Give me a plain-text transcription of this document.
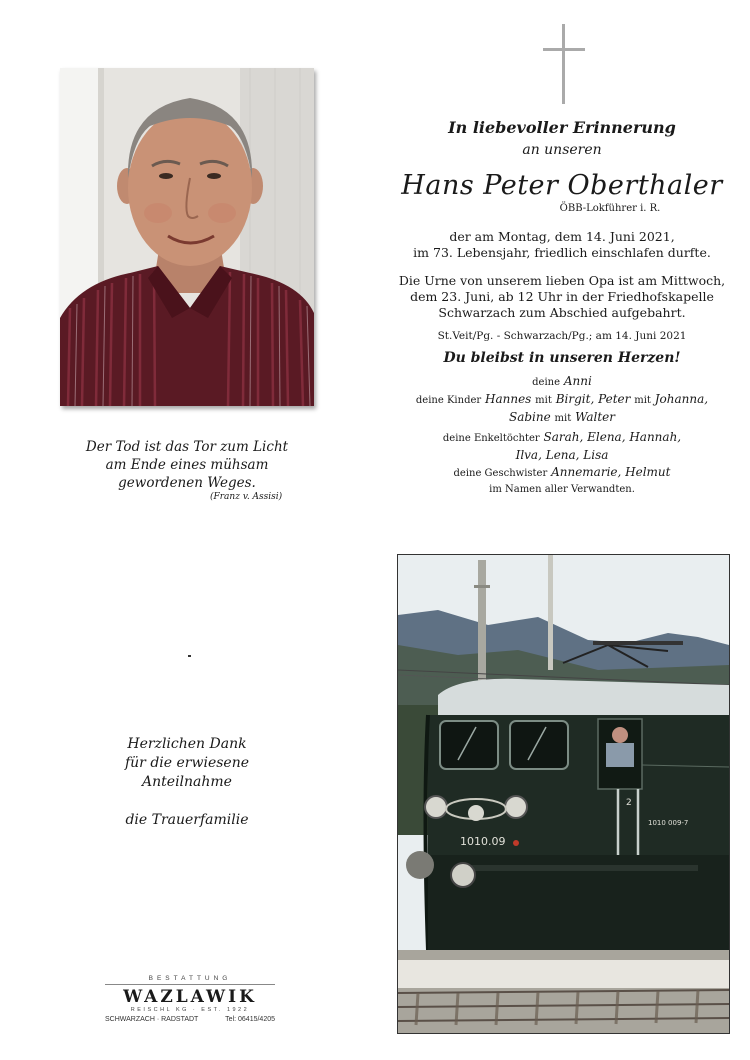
Der Tod ist das Tor zum Licht
am Ende eines mühsam
gewordenen Weges.
(Franz v. Assisi)
In liebevoller Erinnerung
an unseren
Hans Peter Oberthaler
ÖBB-Lokführer i. R.
der am Montag, dem 14. Juni 2021,
im 73. Lebensjahr, friedlich einschlafen durfte.
Die Urne von unserem lieben Opa ist am Mittwoch,
dem 23. Juni, ab 12 Uhr in der Friedhofskapelle
Schwarzach zum Abschied aufgebahrt.
St.Veit/Pg. - Schwarzach/Pg.; am 14. Juni 2021
Du bleibst in unseren Herzen!
deine Anni
deine Kinder Hannes mit Birgit, Peter mit Johanna,
Sabine mit Walter
deine Enkeltöchter Sarah, Elena, Hannah,
Ilva, Lena, Lisa
deine Geschwister Annemarie, Helmut
im Namen aller Verwandten.
Herzlichen Dank
für die erwiesene
Anteilnahme
die Trauerfamilie
BESTATTUNG
WAZLAWIK
REISCHL KG · EST. 1922
SCHWARZACH · RADSTADT	Tel: 06415/4205
1010.09
1010 009-7
2
